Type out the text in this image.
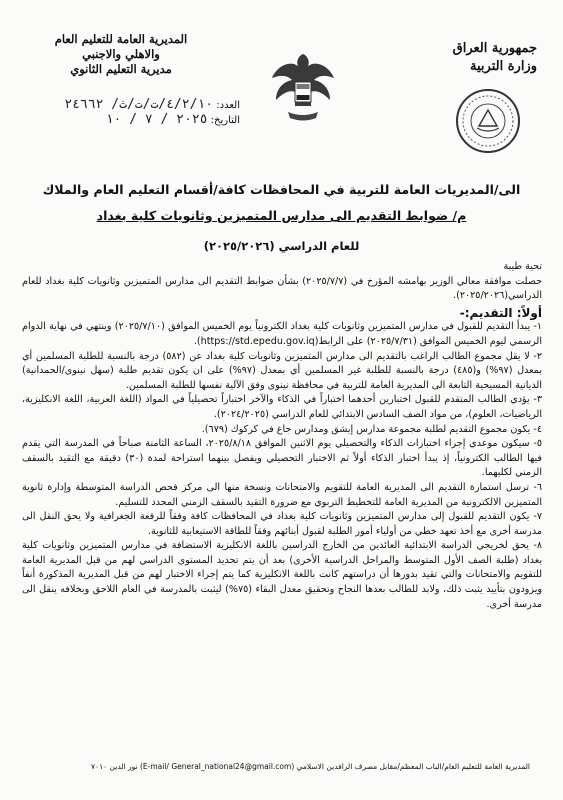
جمهورية العراق
وزارة التربية
المديرية العامة للتعليم العام
والاهلي والاجنبي
مديرية التعليم الثانوي
العدد: ٤/٢/١٠/ت/ت/ث/ ٢٤٦٦٢
التاريخ: ٢٠٢٥ / ٧ / ١٠
الى/المديريات العامة للتربية في المحافظات كافة/أقسام التعليم العام والملاك
م/ ضوابط التقديم الى مدارس المتميزين وثانويات كلية بغداد
للعام الدراسي (٢٠٢٥/٢٠٢٦)

تحية طيبة

حصلت موافقة معالي الوزير بهامشه المؤرخ في (٢٠٢٥/٧/٧) بشأن ضوابط التقديم الى مدارس المتميزين وثانويات كلية بغداد للعام الدراسي(٢٠٢٥/٢٠٢٦).

أولاً: التقديم:-

١- يبدأ التقديم للقبول في مدارس المتميزين وثانويات كلية بغداد الكترونياً يوم الخميس الموافق (٢٠٢٥/٧/١٠) وينتهي في نهاية الدوام الرسمي ليوم الخميس الموافق (٢٠٢٥/٧/٣١) على الرابط(https://std.epedu.gov.iq).

٢- لا يقل مجموع الطالب الراغب بالتقديم الى مدارس المتميزين وثانويات كلية بغداد عن (٥٨٢) درجة بالنسبة للطلبة المسلمين أي بمعدل (٩٧%) و(٤٨٥) درجة بالنسبة للطلبة غير المسلمين أي بمعدل (٩٧%) على ان يكون تقديم طلبة (سهل نينوى/الحمدانية) الديانية المسيحية التابعة الى المديرية العامة للتربية في محافظة نينوى وفق الآلية نفسها للطلبة المسلمين.

٣- يؤدي الطالب المتقدم للقبول اختبارين أحدهما اختباراً في الذكاء والآخر اختباراً تحصيلياً في المواد (اللغة العربية، اللغة الانكليزية، الرياضيات، العلوم)، من مواد الصف السادس الابتدائي للعام الدراسي (٢٠٢٤/٢٠٢٥).

٤- يكون مجموع التقديم لطلبة مجموعة مدارس إيشق ومدارس جاغ في كركوك (٦٧٩).

٥- سيكون موعدي إجراء اختبارات الذكاء والتحصيلي يوم الاثنين الموافق ٢٠٢٥/٨/١٨، الساعة الثامنة صباحاً في المدرسة التي يقدم فيها الطالب الكترونياً، إذ يبدأ اختبار الذكاء أولاً ثم الاختبار التحصيلي ويفصل بينهما استراحة لمدة (٣٠) دقيقة مع التقيد بالسقف الزمني لكليهما.

٦- ترسل استمارة التقديم الى المديرية العامة للتقويم والامتحانات ونسخة منها الى مركز فحص الدراسة المتوسطة وإدارة ثانوية المتميزين الالكترونية من المديرية العامة للتخطيط التربوي مع ضرورة التقيد بالسقف الزمني المحدد للتسليم.

٧- يكون التقديم للقبول إلى مدارس المتميزين وثانويات كلية بغداد في المحافظات كافة وفقاً للرقعة الجغرافية ولا يحق النقل الى مدرسة أخرى مع أخذ تعهد خطي من أولياء أمور الطلبة لقبول أبنائهم وفقاً للطاقة الاستيعابية للثانوية.

٨- يحق لخريجي الدراسة الابتدائية العائدين من الخارج الدراسين باللغة الانكليزية الاستضافة في مدارس المتميزين وثانويات كلية بغداد (طلبة الصف الأول المتوسط والمراحل الدراسية الأخرى) بعد أن يتم تحديد المستوى الدراسي لهم من قبل المديرية العامة للتقويم والامتحانات والتي تقيد بدورها أن دراستهم كانت باللغة الانكليزية كما يتم إجراء الاختبار لهم من قبل المديرية المذكورة أنفاً ويزودون بتأييد يثبت ذلك، ولابد للطالب بعدها النجاح وتحقيق معدل البقاء (٧٥%) ليثبت بالمدرسة في العام اللاحق وبخلافه ينقل الى مدرسة أخرى.

المديرية العامة للتعليم العام/الباب المعظم/مقابل مصرف الرافدين الاسلامي (E-mail/ General_national24@gmail.com) نور الدين ٧٠١٠
